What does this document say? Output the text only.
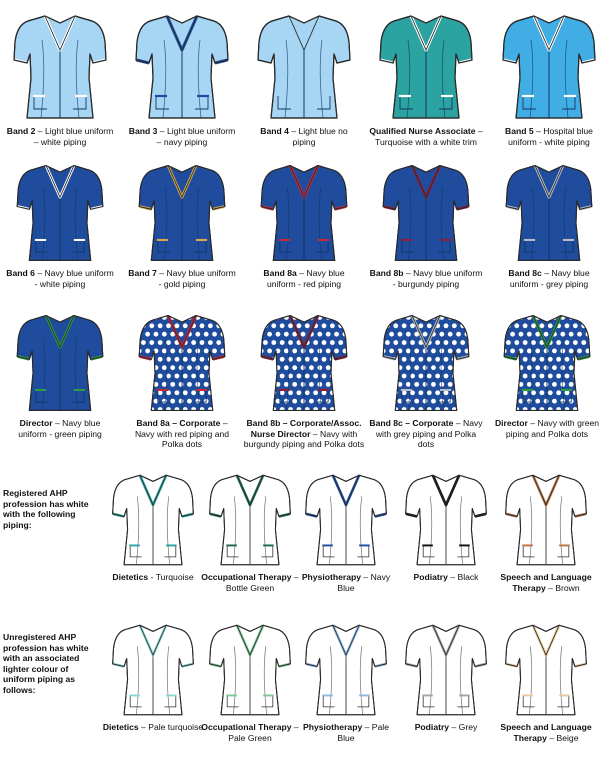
Band 2 – Light blue uniform – white piping
Band 3 – Light blue uniform – navy piping
Band 4 – Light blue no piping
Qualified Nurse Associate – Turquoise with a white trim
Band 5 – Hospital blue uniform - white piping
Band 6 – Navy blue uniform - white piping
Band 7 – Navy blue uniform - gold piping
Band 8a – Navy blue uniform - red piping
Band 8b – Navy blue uniform - burgundy piping
Band 8c – Navy blue uniform - grey piping
Director – Navy blue uniform - green piping
Band 8a – Corporate – Navy with red piping and Polka dots
Band 8b – Corporate/Assoc. Nurse Director – Navy with burgundy piping and Polka dots
Band 8c – Corporate – Navy with grey piping and Polka dots
Director – Navy with green piping and Polka dots
Registered AHP profession has white with the following piping:
Dietetics - Turquoise Occupational Therapy – Bottle Green
Physiotherapy – Navy Blue
Podiatry – Black	Speech and Language Therapy – Brown
Unregistered AHP profession has white with an associated lighter colour of uniform piping as follows:
Dietetics – Pale turquoise
Occupational Therapy – Pale Green
Physiotherapy – Pale Blue
Podiatry – Grey	Speech and Language Therapy – Beige
